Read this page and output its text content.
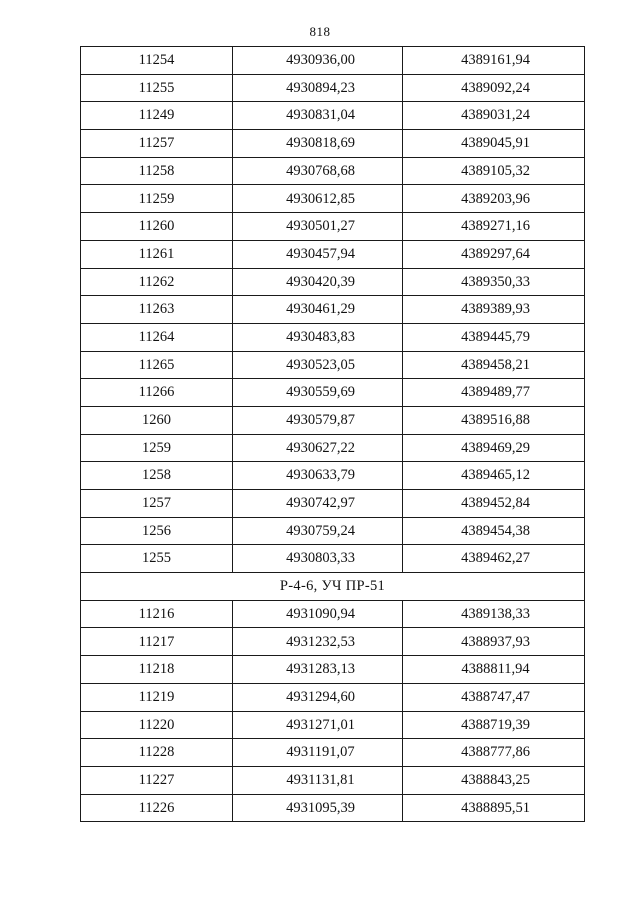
818
11254	4930936,00	4389161,94
11255	4930894,23	4389092,24
11249	4930831,04	4389031,24
11257	4930818,69	4389045,91
11258	4930768,68	4389105,32
11259	4930612,85	4389203,96
11260	4930501,27	4389271,16
11261	4930457,94	4389297,64
11262	4930420,39	4389350,33
11263	4930461,29	4389389,93
11264	4930483,83	4389445,79
11265	4930523,05	4389458,21
11266	4930559,69	4389489,77
1260	4930579,87	4389516,88
1259	4930627,22	4389469,29
1258	4930633,79	4389465,12
1257	4930742,97	4389452,84
1256	4930759,24	4389454,38
1255	4930803,33	4389462,27
Р-4-6, УЧ ПР-51		
11216	4931090,94	4389138,33
11217	4931232,53	4388937,93
11218	4931283,13	4388811,94
11219	4931294,60	4388747,47
11220	4931271,01	4388719,39
11228	4931191,07	4388777,86
11227	4931131,81	4388843,25
11226	4931095,39	4388895,51
